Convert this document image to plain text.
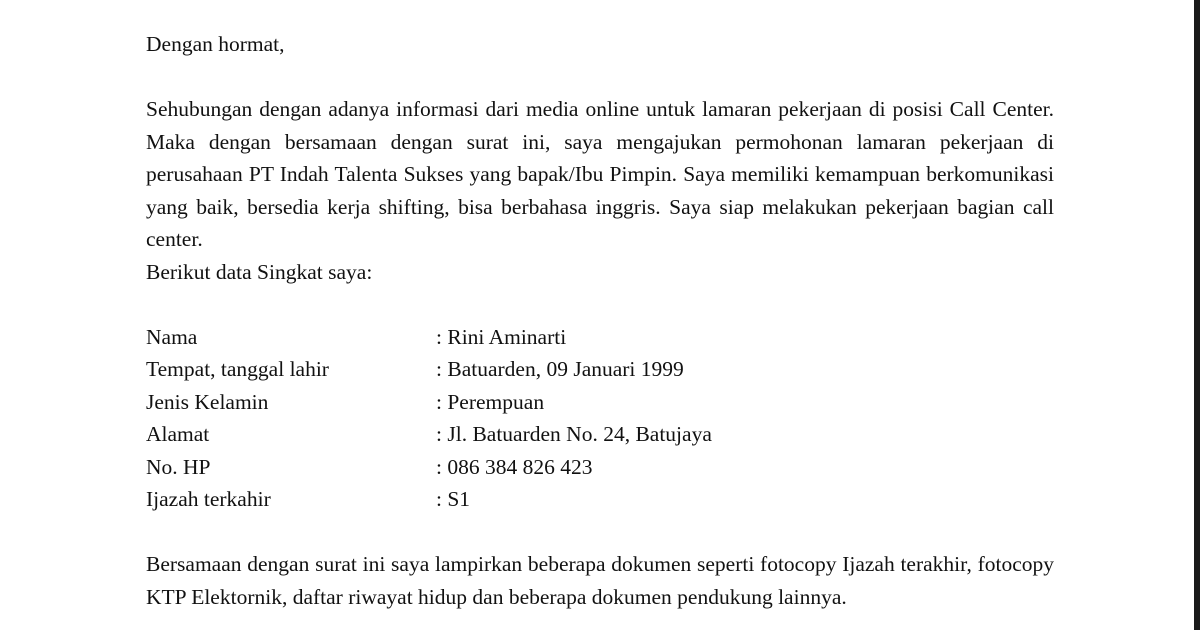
Dengan hormat,

Sehubungan dengan adanya informasi dari media online untuk lamaran pekerjaan di posisi Call Center. Maka dengan bersamaan dengan surat ini, saya mengajukan permohonan lamaran pekerjaan di perusahaan PT Indah Talenta Sukses yang bapak/Ibu Pimpin. Saya memiliki kemampuan berkomunikasi yang baik, bersedia kerja shifting, bisa berbahasa inggris. Saya siap melakukan pekerjaan bagian call center.

Berikut data Singkat saya:

Nama	: Rini Aminarti
Tempat, tanggal lahir	: Batuarden, 09 Januari 1999
Jenis Kelamin	: Perempuan
Alamat	: Jl. Batuarden No. 24, Batujaya
No. HP	: 086 384 826 423
Ijazah terkahir	: S1

Bersamaan dengan surat ini saya lampirkan beberapa dokumen seperti fotocopy Ijazah terakhir, fotocopy KTP Elektornik, daftar riwayat hidup dan beberapa dokumen pendukung lainnya.
